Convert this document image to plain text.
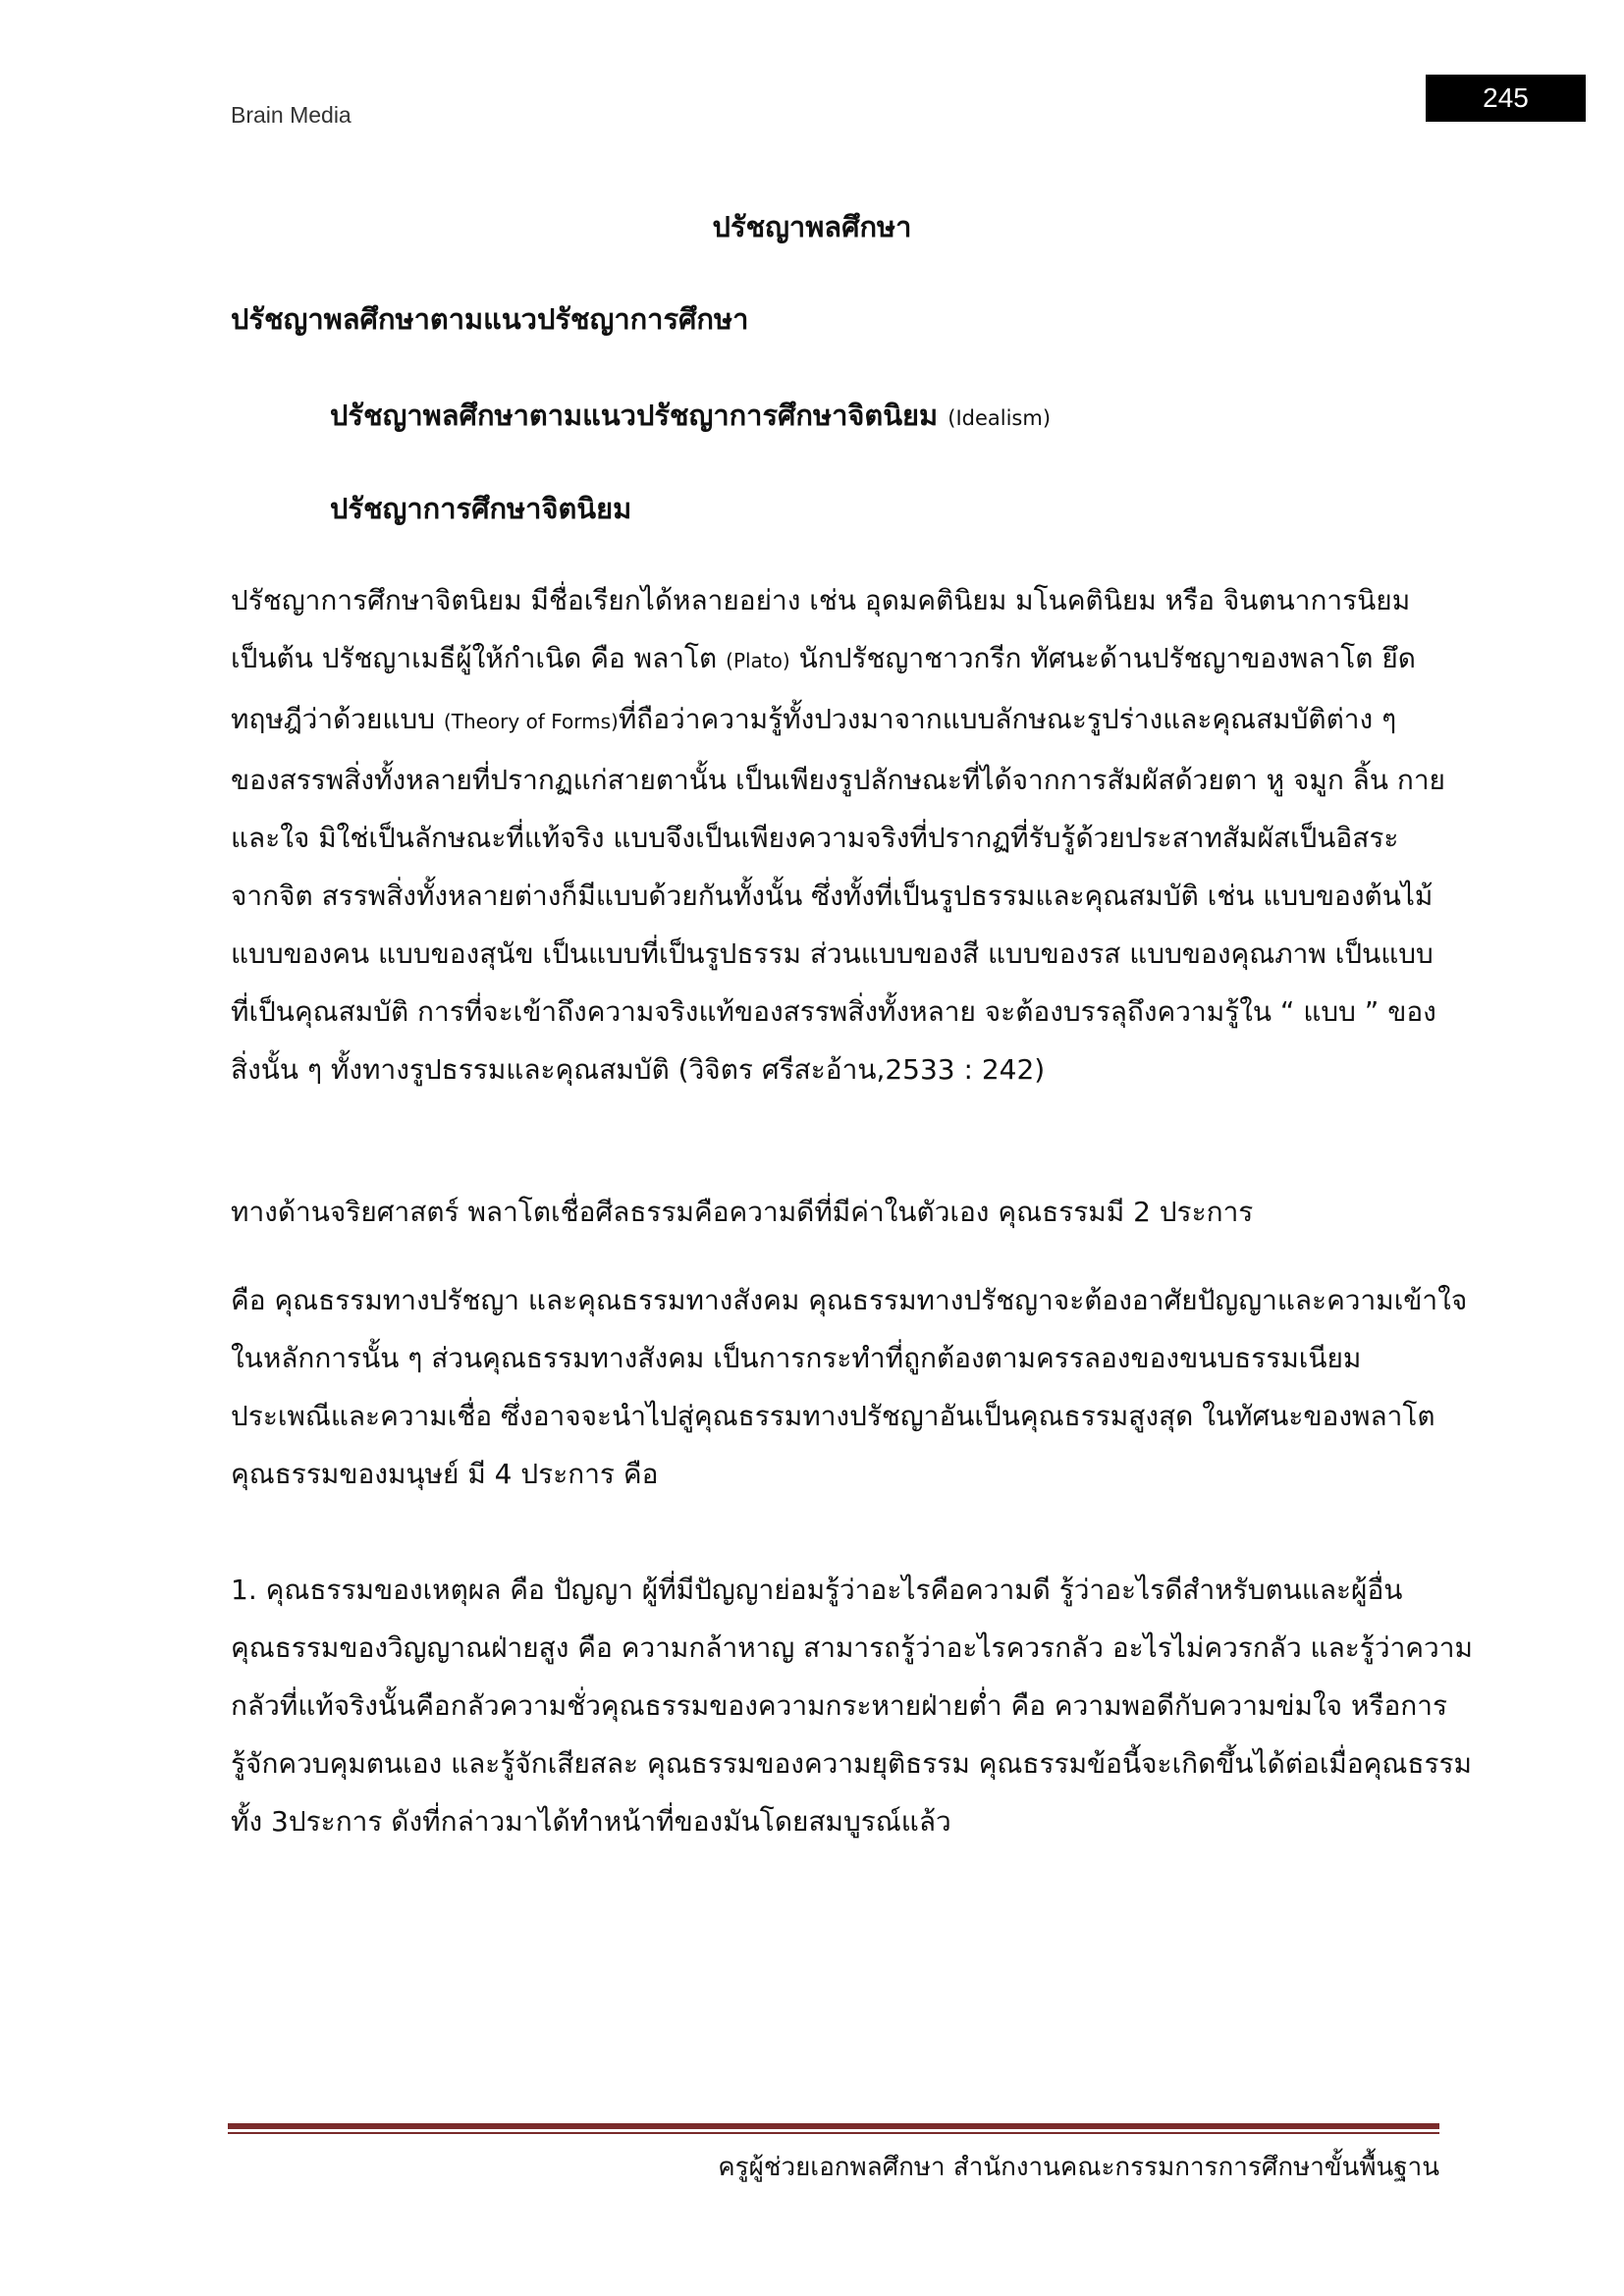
Brain Media
245
ปรัชญาพลศึกษา
ปรัชญาพลศึกษาตามแนวปรัชญาการศึกษา
ปรัชญาพลศึกษาตามแนวปรัชญาการศึกษาจิตนิยม (Idealism)
ปรัชญาการศึกษาจิตนิยม
ปรัชญาการศึกษาจิตนิยม มีชื่อเรียกได้หลายอย่าง เช่น อุดมคตินิยม มโนคตินิยม หรือ จินตนาการนิยม
เป็นต้น ปรัชญาเมธีผู้ให้กำเนิด คือ พลาโต (Plato) นักปรัชญาชาวกรีก ทัศนะด้านปรัชญาของพลาโต ยึด
ทฤษฎีว่าด้วยแบบ (Theory of Forms)ที่ถือว่าความรู้ทั้งปวงมาจากแบบลักษณะรูปร่างและคุณสมบัติต่าง ๆ
ของสรรพสิ่งทั้งหลายที่ปรากฏแก่สายตานั้น เป็นเพียงรูปลักษณะที่ได้จากการสัมผัสด้วยตา หู จมูก ลิ้น กาย
และใจ มิใช่เป็นลักษณะที่แท้จริง แบบจึงเป็นเพียงความจริงที่ปรากฏที่รับรู้ด้วยประสาทสัมผัสเป็นอิสระ
จากจิต สรรพสิ่งทั้งหลายต่างก็มีแบบด้วยกันทั้งนั้น ซึ่งทั้งที่เป็นรูปธรรมและคุณสมบัติ เช่น แบบของต้นไม้
แบบของคน แบบของสุนัข เป็นแบบที่เป็นรูปธรรม ส่วนแบบของสี แบบของรส แบบของคุณภาพ เป็นแบบ
ที่เป็นคุณสมบัติ การที่จะเข้าถึงความจริงแท้ของสรรพสิ่งทั้งหลาย จะต้องบรรลุถึงความรู้ใน “ แบบ ” ของ
สิ่งนั้น ๆ ทั้งทางรูปธรรมและคุณสมบัติ (วิจิตร ศรีสะอ้าน,2533 : 242)
ทางด้านจริยศาสตร์ พลาโตเชื่อศีลธรรมคือความดีที่มีค่าในตัวเอง คุณธรรมมี 2 ประการ
คือ คุณธรรมทางปรัชญา และคุณธรรมทางสังคม คุณธรรมทางปรัชญาจะต้องอาศัยปัญญาและความเข้าใจ
ในหลักการนั้น ๆ ส่วนคุณธรรมทางสังคม เป็นการกระทำที่ถูกต้องตามครรลองของขนบธรรมเนียม
ประเพณีและความเชื่อ ซึ่งอาจจะนำไปสู่คุณธรรมทางปรัชญาอันเป็นคุณธรรมสูงสุด ในทัศนะของพลาโต
คุณธรรมของมนุษย์ มี 4 ประการ คือ
1. คุณธรรมของเหตุผล คือ ปัญญา ผู้ที่มีปัญญาย่อมรู้ว่าอะไรคือความดี รู้ว่าอะไรดีสำหรับตนและผู้อื่น
คุณธรรมของวิญญาณฝ่ายสูง คือ ความกล้าหาญ สามารถรู้ว่าอะไรควรกลัว อะไรไม่ควรกลัว และรู้ว่าความ
กลัวที่แท้จริงนั้นคือกลัวความชั่วคุณธรรมของความกระหายฝ่ายต่ำ คือ ความพอดีกับความข่มใจ หรือการ
รู้จักควบคุมตนเอง และรู้จักเสียสละ คุณธรรมของความยุติธรรม คุณธรรมข้อนี้จะเกิดขึ้นได้ต่อเมื่อคุณธรรม
ทั้ง 3ประการ ดังที่กล่าวมาได้ทำหน้าที่ของมันโดยสมบูรณ์แล้ว
ครูผู้ช่วยเอกพลศึกษา สำนักงานคณะกรรมการการศึกษาขั้นพื้นฐาน
